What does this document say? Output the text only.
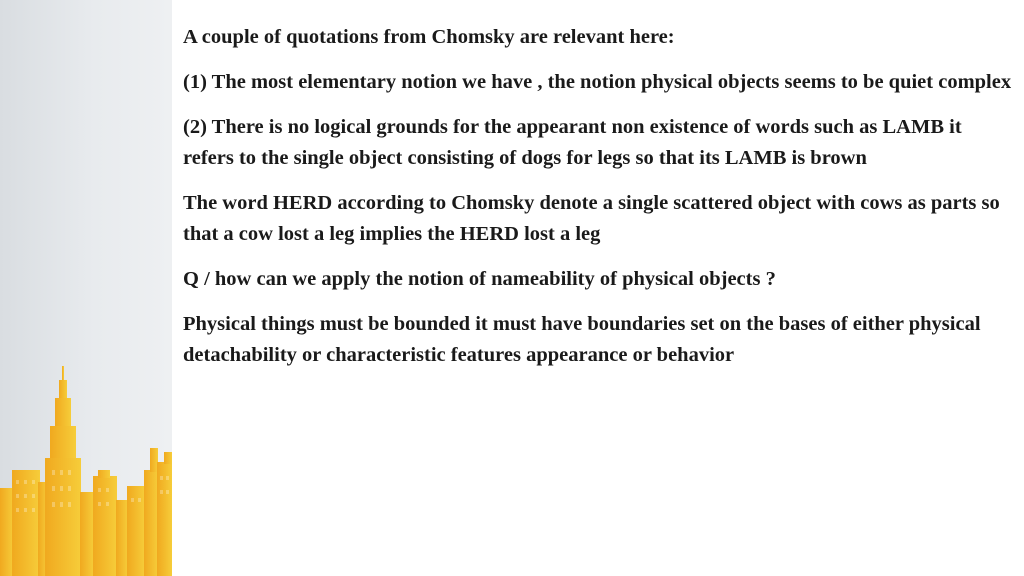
A couple of quotations from Chomsky are relevant here:

(1) The most elementary notion we have , the notion physical objects seems to be quiet complex

(2) There is no logical grounds for the appearant non existence of words such as LAMB it refers to the single object consisting of dogs for legs so that its LAMB is brown

The word HERD according to Chomsky denote a single scattered object with cows as parts so that a cow lost a leg implies the HERD lost a leg

Q / how can we apply the notion of nameability of physical objects ?

Physical things must be bounded it must have boundaries set on the bases of either physical detachability or characteristic features appearance or behavior
